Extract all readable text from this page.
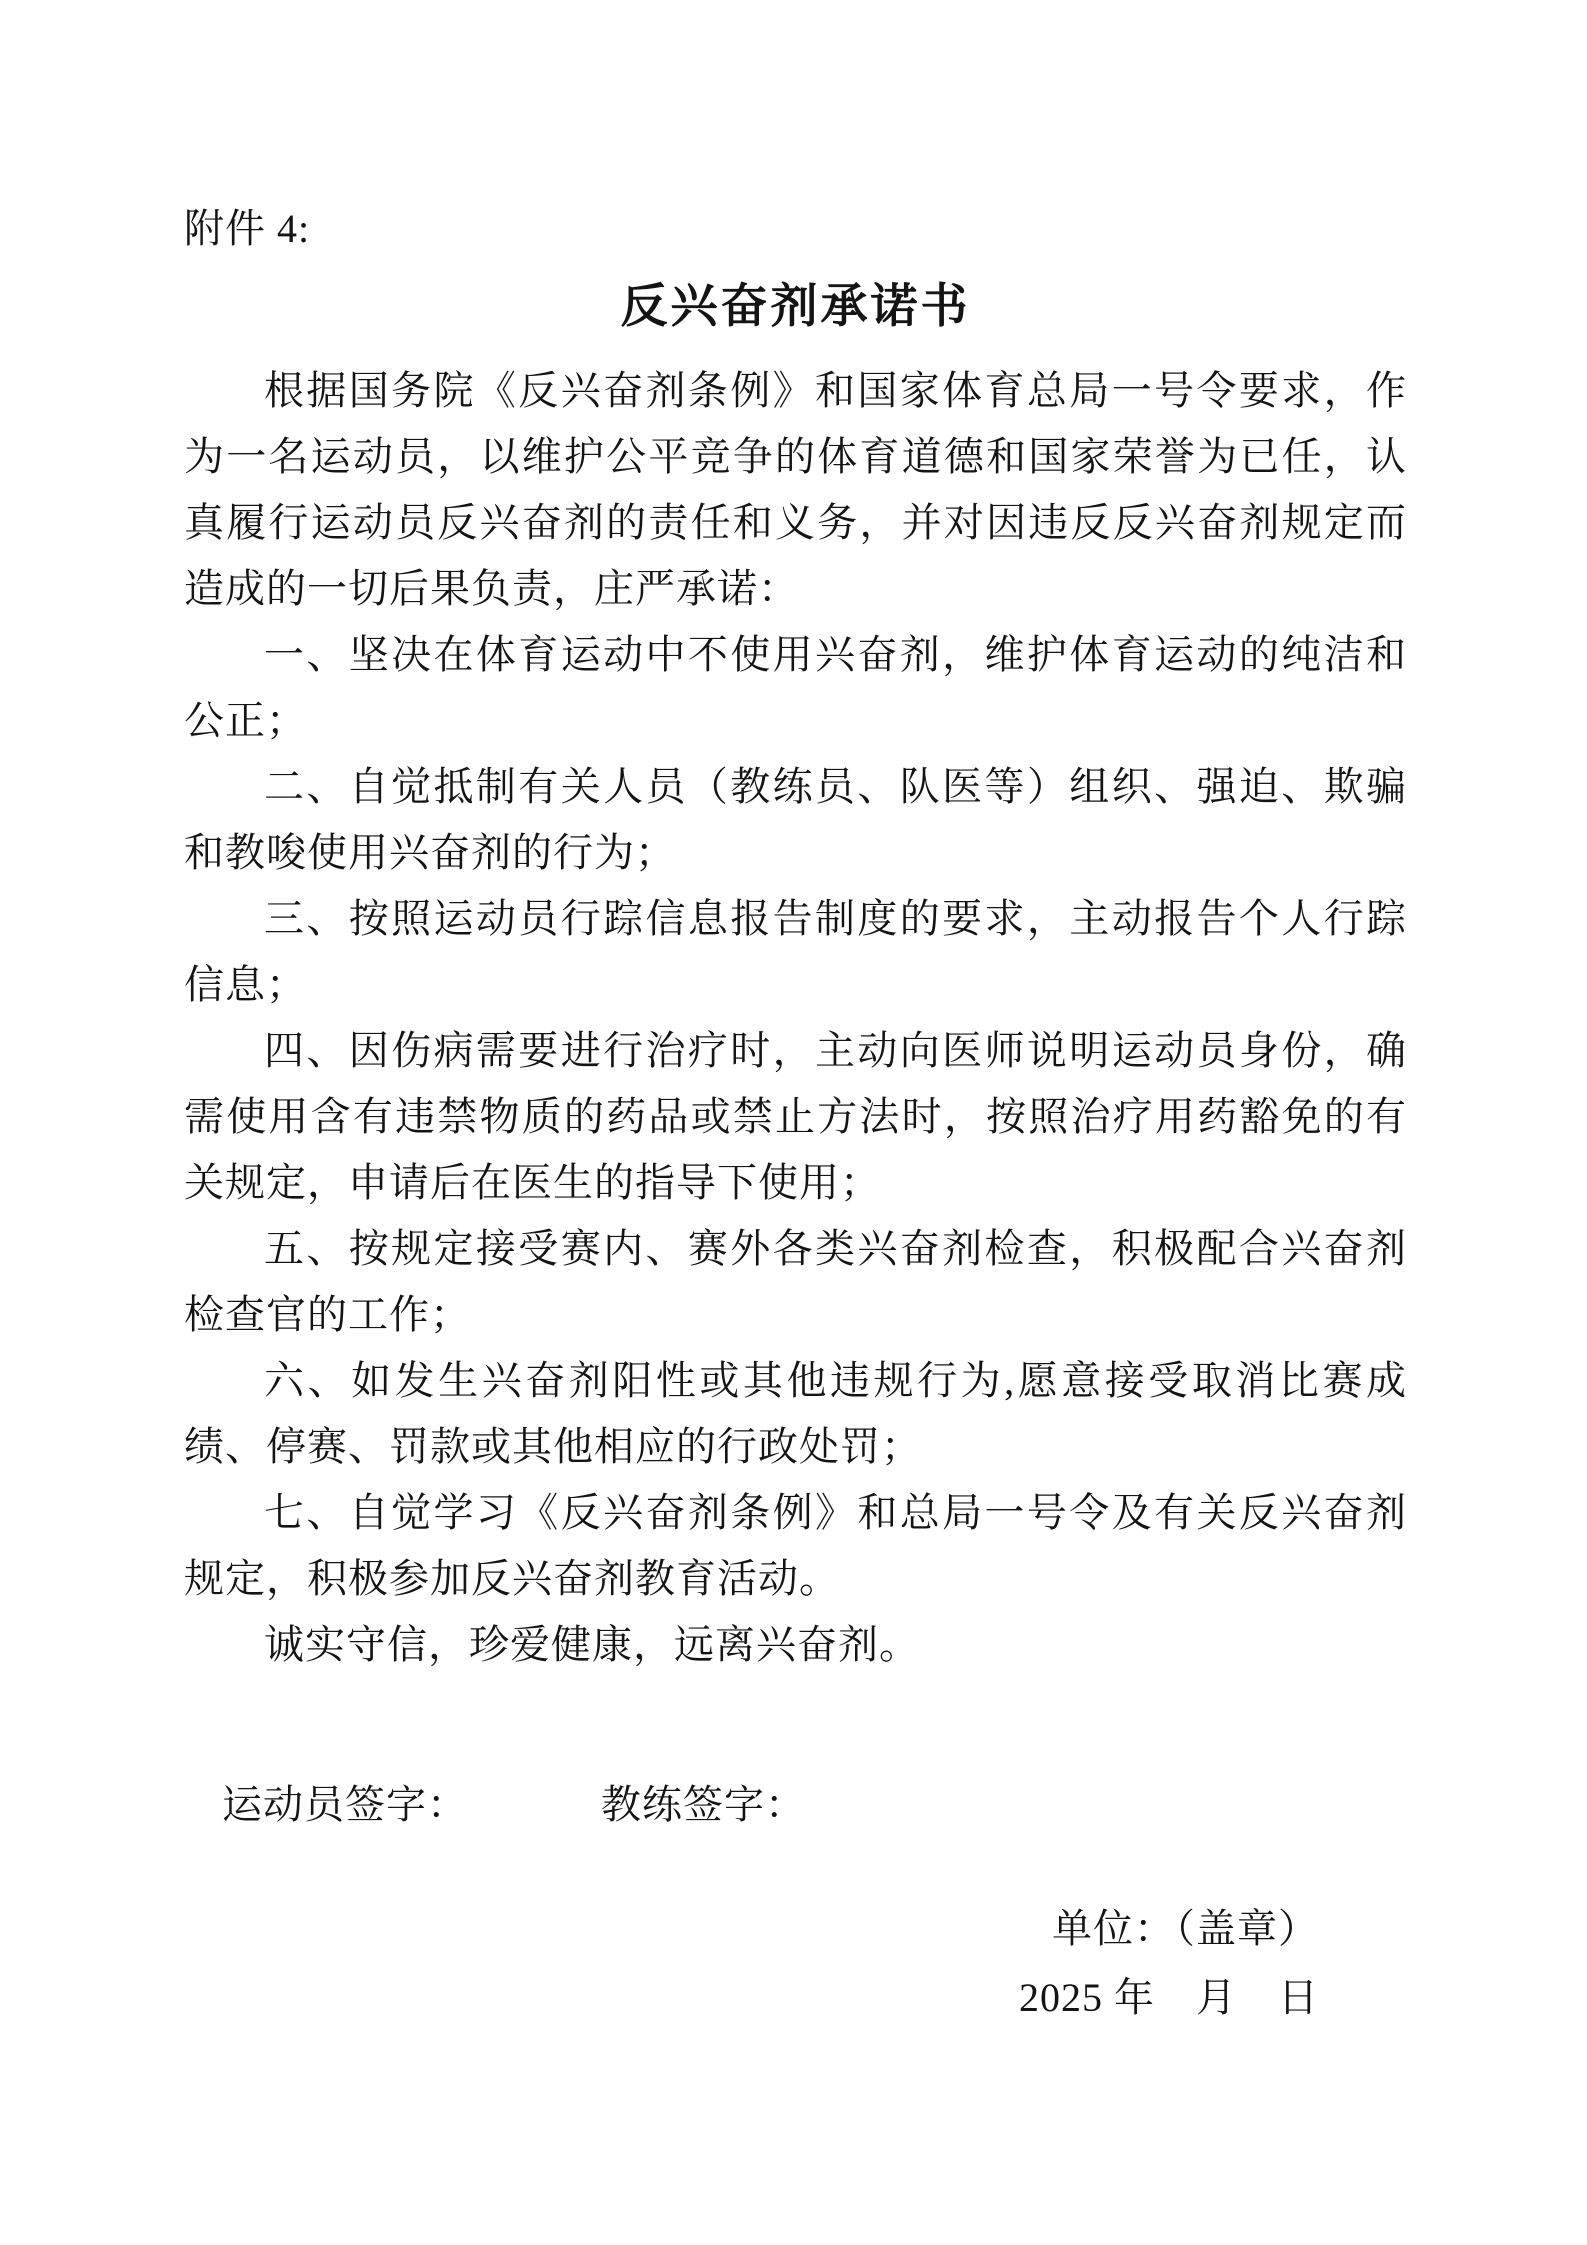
附件 4:
反兴奋剂承诺书

根据国务院《反兴奋剂条例》和国家体育总局一号令要求，作为一名运动员，以维护公平竞争的体育道德和国家荣誉为已任，认真履行运动员反兴奋剂的责任和义务，并对因违反反兴奋剂规定而造成的一切后果负责，庄严承诺：

一、坚决在体育运动中不使用兴奋剂，维护体育运动的纯洁和公正；

二、自觉抵制有关人员（教练员、队医等）组织、强迫、欺骗和教唆使用兴奋剂的行为；

三、按照运动员行踪信息报告制度的要求，主动报告个人行踪信息；

四、因伤病需要进行治疗时，主动向医师说明运动员身份，确需使用含有违禁物质的药品或禁止方法时，按照治疗用药豁免的有关规定，申请后在医生的指导下使用；

五、按规定接受赛内、赛外各类兴奋剂检查，积极配合兴奋剂检查官的工作；

六、如发生兴奋剂阳性或其他违规行为,愿意接受取消比赛成绩、停赛、罚款或其他相应的行政处罚；

七、自觉学习《反兴奋剂条例》和总局一号令及有关反兴奋剂规定，积极参加反兴奋剂教育活动。

诚实守信，珍爱健康，远离兴奋剂。

运动员签字：	教练签字：
单位：（盖章）
2025 年　月　日
